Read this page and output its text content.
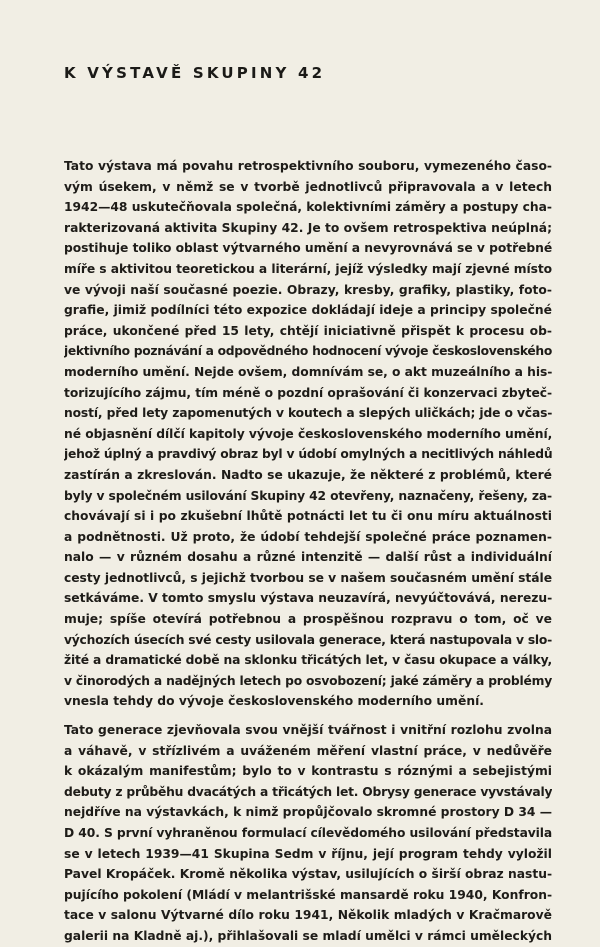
K VÝSTAVĚ SKUPINY 42
Tato výstava má povahu retrospektivního souboru, vymezeného časo-
vým úsekem, v němž se v tvorbě jednotlivců připravovala a v letech
1942—48 uskutečňovala společná, kolektivními záměry a postupy cha-
rakterizovaná aktivita Skupiny 42. Je to ovšem retrospektiva neúplná;
postihuje toliko oblast výtvarného umění a nevyrovnává se v potřebné
míře s aktivitou teoretickou a literární, jejíž výsledky mají zjevné místo
ve vývoji naší současné poezie. Obrazy, kresby, grafiky, plastiky, foto-
grafie, jimiž podílníci této expozice dokládají ideje a principy společné
práce, ukončené před 15 lety, chtějí iniciativně přispět k procesu ob-
jektivního poznávání a odpovědného hodnocení vývoje československého
moderního umění. Nejde ovšem, domnívám se, o akt muzeálního a his-
torizujícího zájmu, tím méně o pozdní oprašování či konzervaci zbyteč-
ností, před lety zapomenutých v koutech a slepých uličkách; jde o včas-
né objasnění dílčí kapitoly vývoje československého moderního umění,
jehož úplný a pravdivý obraz byl v údobí omylných a necitlivých náhledů
zastírán a zkreslován. Nadto se ukazuje, že některé z problémů, které
byly v společném usilování Skupiny 42 otevřeny, naznačeny, řešeny, za-
chovávají si i po zkušební lhůtě potnácti let tu či onu míru aktuálnosti
a podnětnosti. Už proto, že údobí tehdejší společné práce poznamen-
nalo — v různém dosahu a různé intenzitě — další růst a individuální
cesty jednotlivců, s jejichž tvorbou se v našem současném umění stále
setkáváme. V tomto smyslu výstava neuzavírá, nevyúčtovává, nerezu-
muje; spíše otevírá potřebnou a prospěšnou rozpravu o tom, oč ve
výchozích úsecích své cesty usilovala generace, která nastupovala v slo-
žité a dramatické době na sklonku třicátých let, v času okupace a války,
v činorodých a nadějných letech po osvobození; jaké záměry a problémy
vnesla tehdy do vývoje československého moderního umění.
Tato generace zjevňovala svou vnější tvářnost i vnitřní rozlohu zvolna
a váhavě, v střízlivém a uváženém měření vlastní práce, v nedůvěře
k okázalým manifestům; bylo to v kontrastu s róznými a sebejistými
debuty z průběhu dvacátých a třicátých let. Obrysy generace vyvstávaly
nejdříve na výstavkách, k nimž propůjčovalo skromné prostory D 34 —
D 40. S první vyhraněnou formulací cílevědomého usilování představila
se v letech 1939—41 Skupina Sedm v říjnu, její program tehdy vyložil
Pavel Kropáček. Kromě několika výstav, usilujících o širší obraz nastu-
pujícího pokolení (Mládí v melantrišské mansardě roku 1940, Konfron-
tace v salonu Výtvarné dílo roku 1941, Několik mladých v Kračmarově
galerii na Kladně aj.), přihlašovali se mladí umělci v rámci uměleckých
